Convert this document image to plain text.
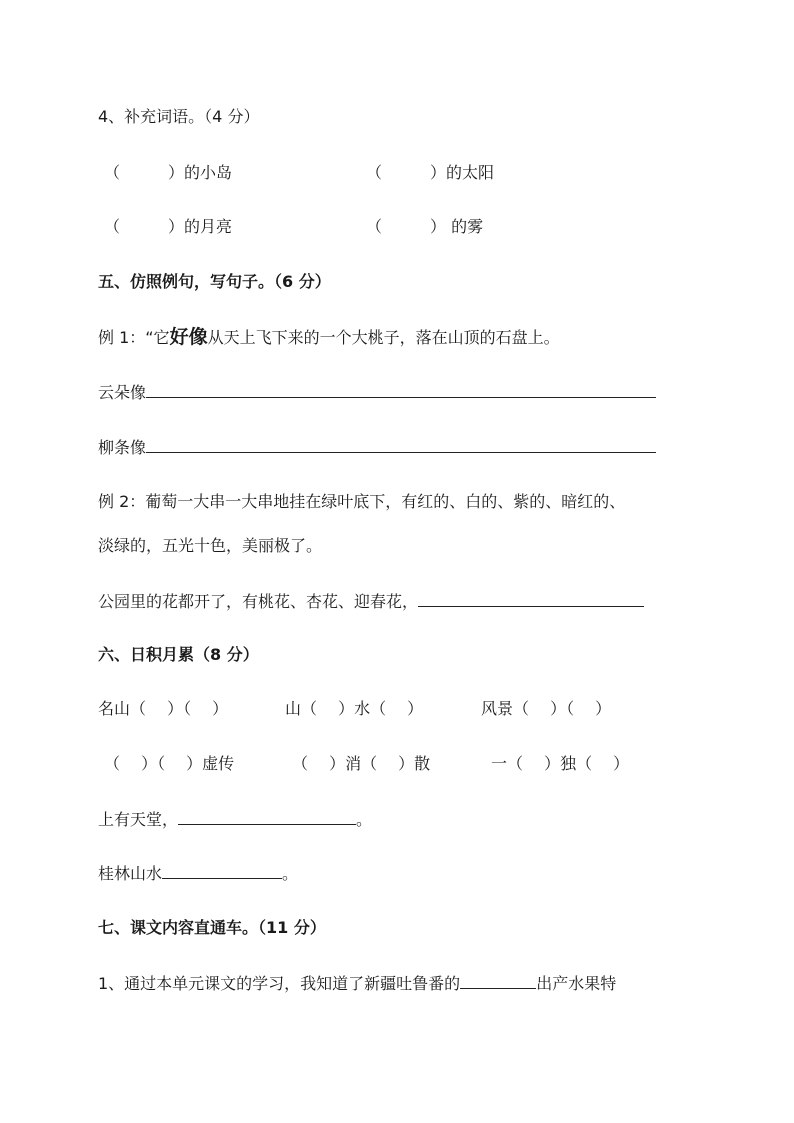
4、补充词语。（4 分）
（　　　）的小岛	（　　　）的太阳
（　　　）的月亮	（　　　） 的雾
五、仿照例句，写句子。（6 分）
例 1：“它好像从天上飞下来的一个大桃子，落在山顶的石盘上。
云朵像
柳条像
例 2：葡萄一大串一大串地挂在绿叶底下，有红的、白的、紫的、暗红的、
淡绿的，五光十色，美丽极了。
公园里的花都开了，有桃花、杏花、迎春花，
六、日积月累（8 分）
名山（　 ）（　 ）	山（　 ）水（　 ）	风景（　 ）（　 ）
（　 ）（　 ）虚传	（　 ）消（　 ）散	一（　 ）独（　 ）
上有天堂，	。
桂林山水	。
七、课文内容直通车。（11 分）
1、通过本单元课文的学习，我知道了新疆吐鲁番的	出产水果特
